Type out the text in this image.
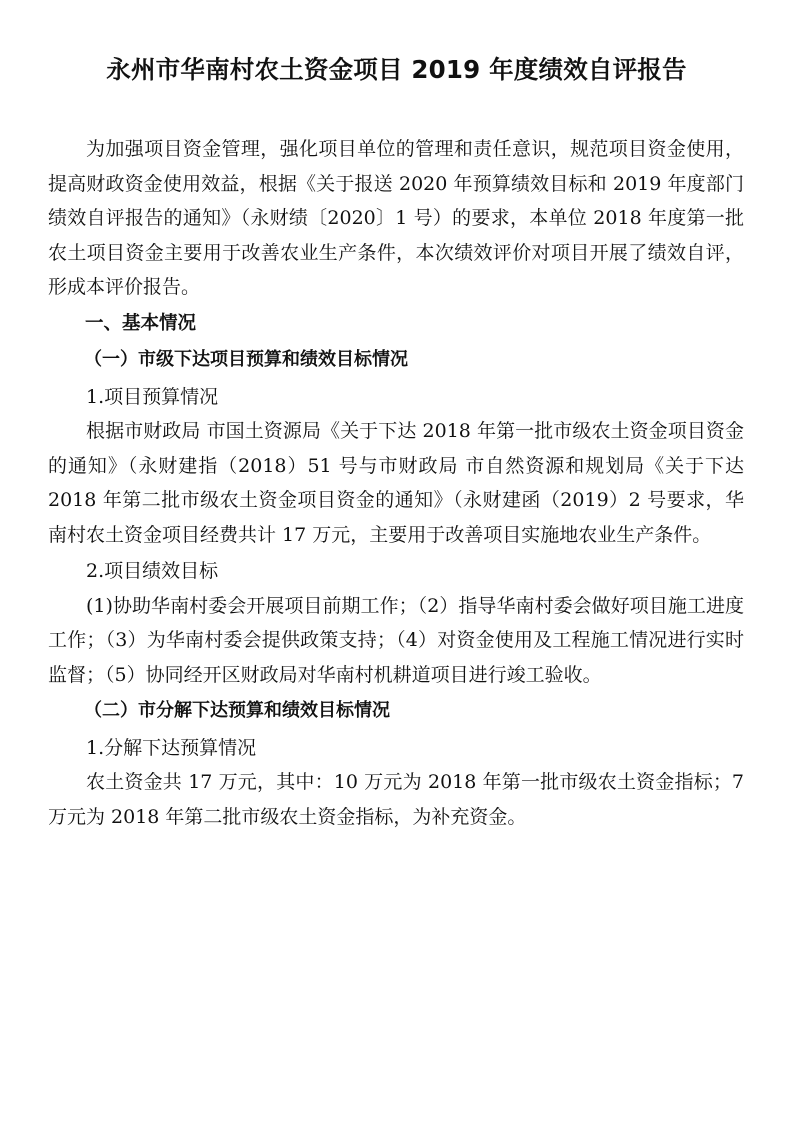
永州市华南村农土资金项目 2019 年度绩效自评报告

为加强项目资金管理，强化项目单位的管理和责任意识，规范项目资金使用，提高财政资金使用效益，根据《关于报送 2020 年预算绩效目标和 2019 年度部门绩效自评报告的通知》（永财绩〔2020〕1 号）的要求，本单位 2018 年度第一批农土项目资金主要用于改善农业生产条件，本次绩效评价对项目开展了绩效自评，形成本评价报告。

一、基本情况

（一）市级下达项目预算和绩效目标情况

1.项目预算情况

根据市财政局 市国土资源局《关于下达 2018 年第一批市级农土资金项目资金的通知》（永财建指（2018）51 号与市财政局 市自然资源和规划局《关于下达 2018 年第二批市级农土资金项目资金的通知》（永财建函（2019）2 号要求，华南村农土资金项目经费共计 17 万元，主要用于改善项目实施地农业生产条件。

2.项目绩效目标

(1)协助华南村委会开展项目前期工作；（2）指导华南村委会做好项目施工进度工作；（3）为华南村委会提供政策支持；（4）对资金使用及工程施工情况进行实时监督；（5）协同经开区财政局对华南村机耕道项目进行竣工验收。

（二）市分解下达预算和绩效目标情况

1.分解下达预算情况

农土资金共 17 万元，其中：10 万元为 2018 年第一批市级农土资金指标；7 万元为 2018 年第二批市级农土资金指标，为补充资金。
